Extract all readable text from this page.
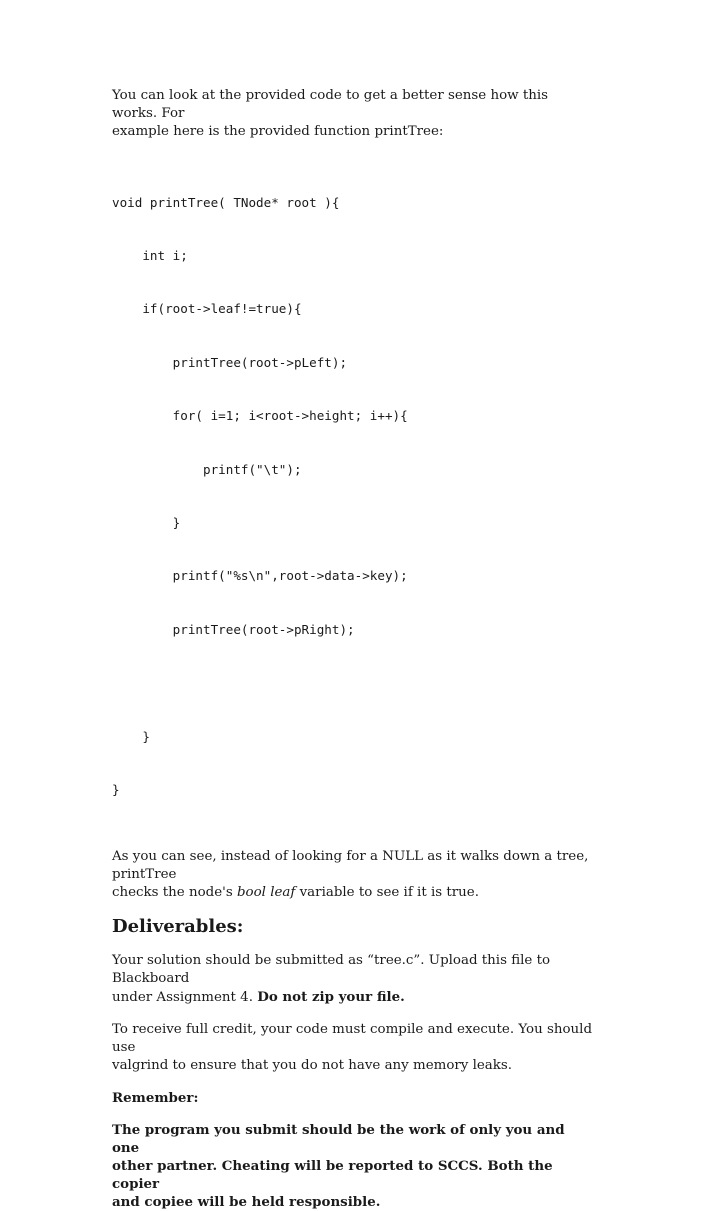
You can look at the provided code to get a better sense how this works. For
example here is the provided function printTree:

void printTree( TNode* root ){

int i;

if(root->leaf!=true){

printTree(root->pLeft);

for( i=1; i<root->height; i++){

printf("\t");

}

printf("%s\n",root->data->key);

printTree(root->pRight);

}

}

As you can see, instead of looking for a NULL as it walks down a tree, printTree
checks the node's bool leaf variable to see if it is true.

Deliverables:

Your solution should be submitted as “tree.c”. Upload this file to Blackboard
under Assignment 4. Do not zip your file.

To receive full credit, your code must compile and execute. You should use
valgrind to ensure that you do not have any memory leaks.

Remember:

The program you submit should be the work of only you and one
other partner. Cheating will be reported to SCCS. Both the copier
and copiee will be held responsible.
